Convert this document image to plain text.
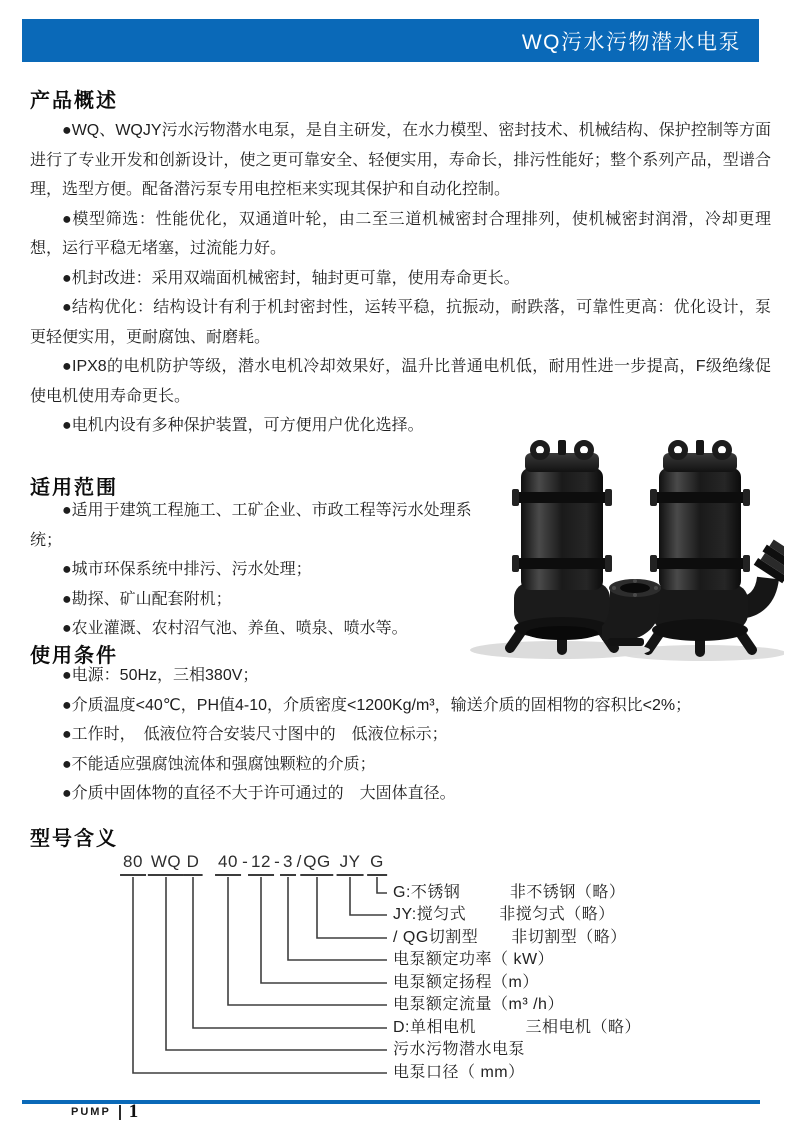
WQ污水污物潜水电泵
产品概述

●WQ、WQJY污水污物潜水电泵，是自主研发，在水力模型、密封技术、机械结构、保护控制等方面进行了专业开发和创新设计，使之更可靠安全、轻便实用，寿命长，排污性能好；整个系列产品，型谱合理，选型方便。配备潜污泵专用电控柜来实现其保护和自动化控制。

●模型筛选：性能优化，双通道叶轮，由二至三道机械密封合理排列，使机械密封润滑，冷却更理想，运行平稳无堵塞，过流能力好。

●机封改进：采用双端面机械密封，轴封更可靠，使用寿命更长。

●结构优化：结构设计有利于机封密封性，运转平稳，抗振动，耐跌落，可靠性更高：优化设计，泵更轻便实用，更耐腐蚀、耐磨耗。

●IPX8的电机防护等级，潜水电机冷却效果好，温升比普通电机低，耐用性进一步提高，F级绝缘促使电机使用寿命更长。

●电机内设有多种保护装置，可方便用户优化选择。

适用范围

●适用于建筑工程施工、工矿企业、市政工程等污水处理系统；

●城市环保系统中排污、污水处理；

●勘探、矿山配套附机；

●农业灌溉、农村沼气池、养鱼、喷泉、喷水等。

使用条件

●电源：50Hz，三相380V；

●介质温度<40℃，PH值4-10，介质密度<1200Kg/m³，输送介质的固相物的容积比<2%；

●工作时，　低液位符合安装尺寸图中的　低液位标示；

●不能适应强腐蚀流体和强腐蚀颗粒的介质；

●介质中固体物的直径不大于许可通过的　大固体直径。

型号含义
80 WQ D 40 - 12 - 3 / QG JY G
G:不锈钢　　　非不锈钢（略）
JY:搅匀式　　非搅匀式（略）
/ QG切割型　　非切割型（略）
电泵额定功率（ kW）
电泵额定扬程（m）
电泵额定流量（m³ /h）
D:单相电机　　　三相电机（略）
污水污物潜水电泵
电泵口径（ mm）
PUMP 1
